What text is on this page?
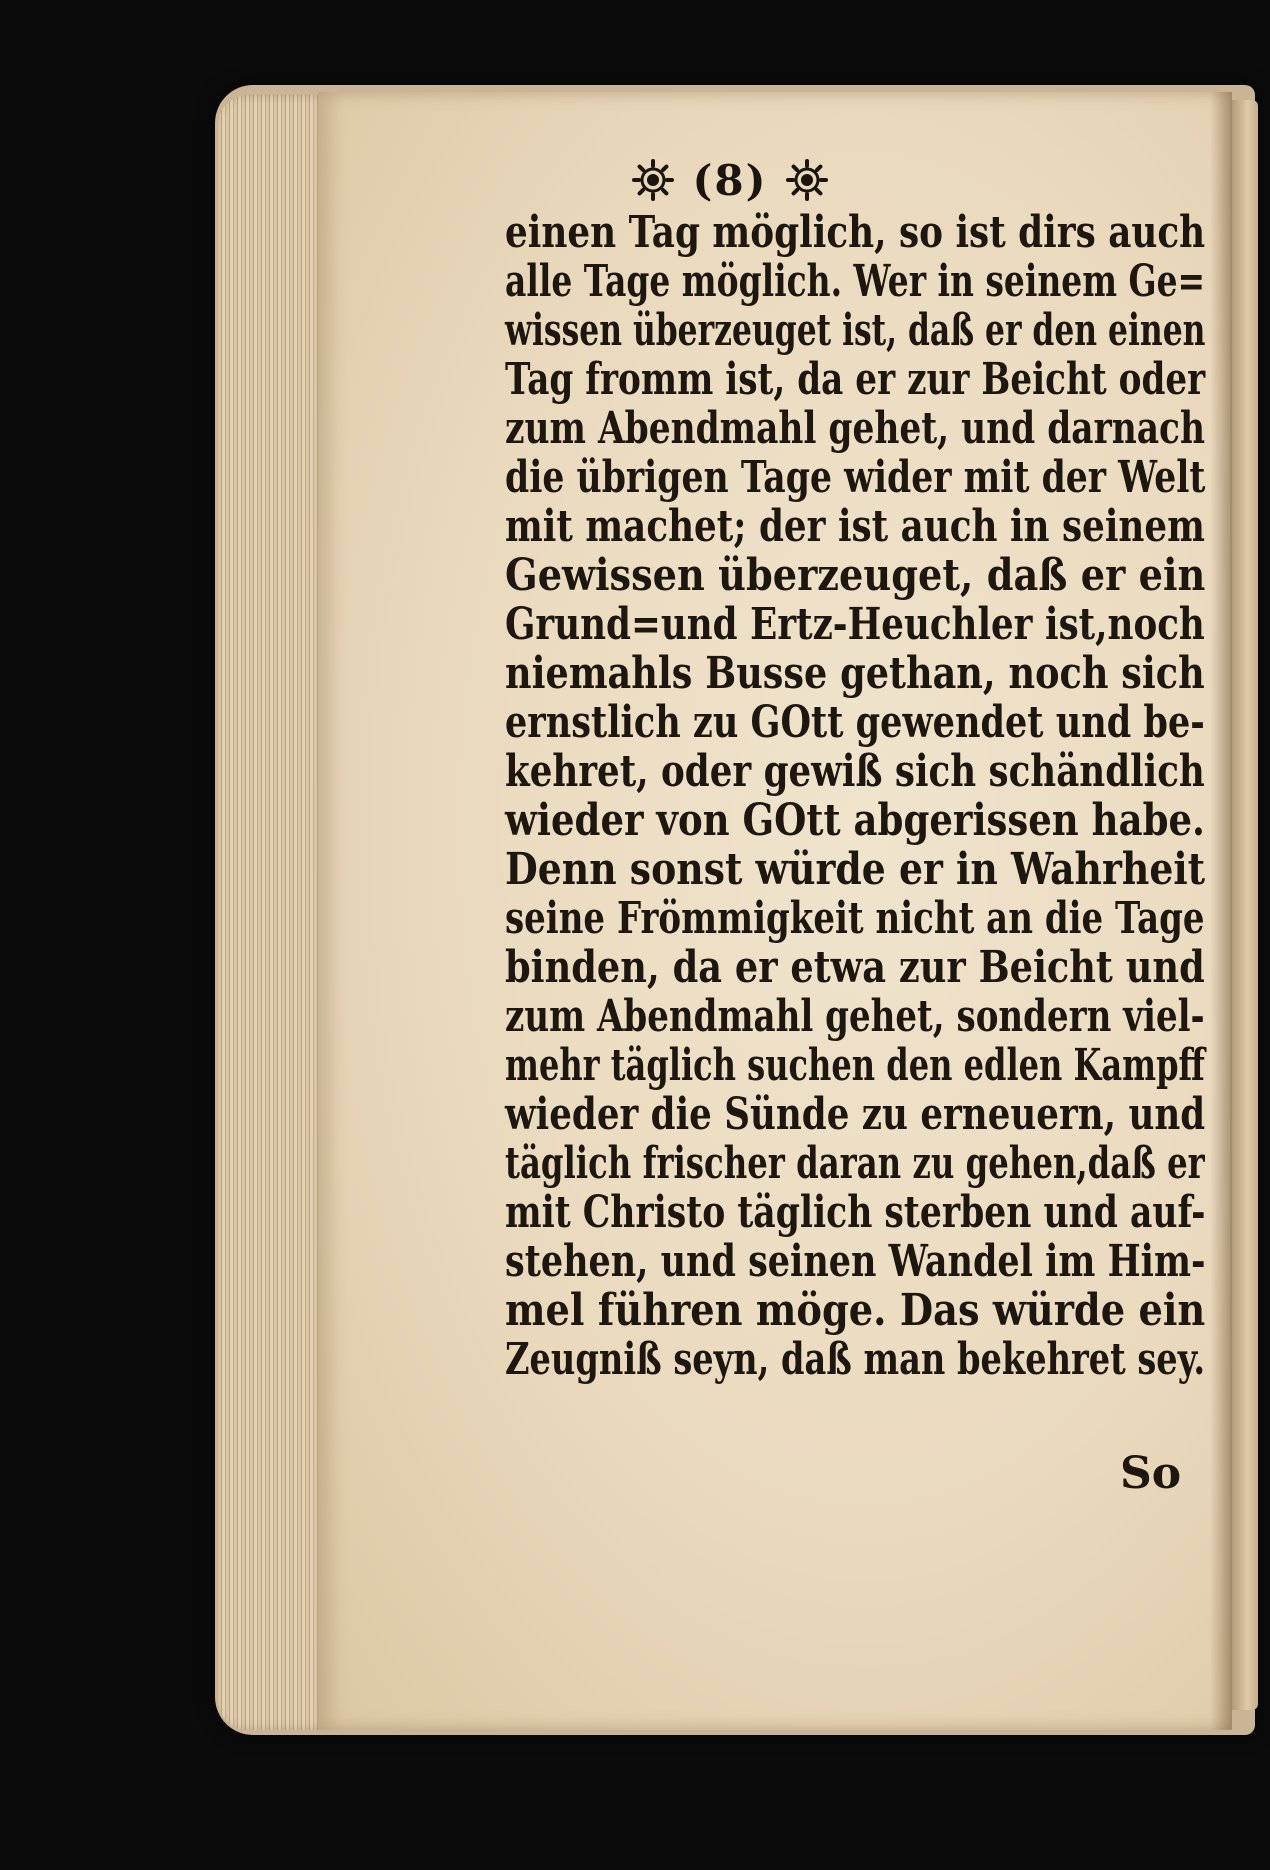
(8)
einen Tag möglich, so ist dirs auch
alle Tage möglich. Wer in seinem Ge=
wissen überzeuget ist, daß er den einen
Tag fromm ist, da er zur Beicht oder
zum Abendmahl gehet, und darnach
die übrigen Tage wider mit der Welt
mit machet; der ist auch in seinem
Gewissen überzeuget, daß er ein
Grund=und Ertz-Heuchler ist,noch
niemahls Busse gethan, noch sich
ernstlich zu GOtt gewendet und be-
kehret, oder gewiß sich schändlich
wieder von GOtt abgerissen habe.
Denn sonst würde er in Wahrheit
seine Frömmigkeit nicht an die Tage
binden, da er etwa zur Beicht und
zum Abendmahl gehet, sondern viel-
mehr täglich suchen den edlen Kampff
wieder die Sünde zu erneuern, und
täglich frischer daran zu gehen,daß er
mit Christo täglich sterben und auf-
stehen, und seinen Wandel im Him-
mel führen möge. Das würde ein
Zeugniß seyn, daß man bekehret sey.
So
